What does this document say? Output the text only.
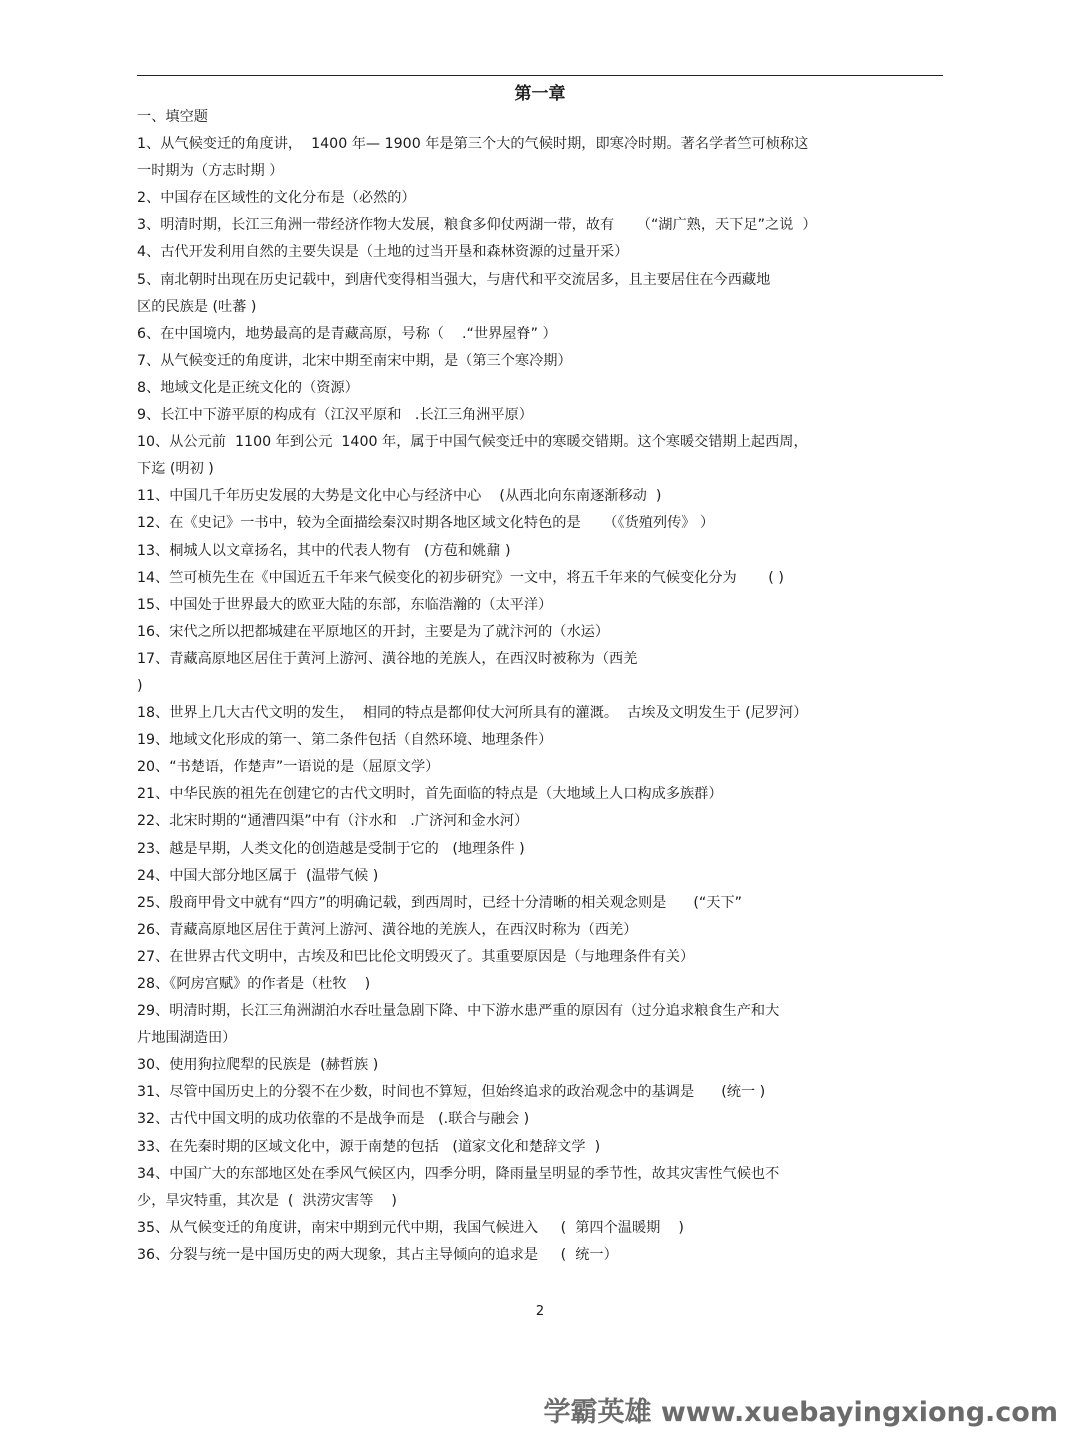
第一章
一、填空题
1、从气候变迁的角度讲，  1400 年— 1900 年是第三个大的气候时期，即寒冷时期。著名学者竺可桢称这
一时期为（方志时期 ）
2、中国存在区域性的文化分布是（必然的）
3、明清时期，长江三角洲一带经济作物大发展，粮食多仰仗两湖一带，故有     （“湖广熟，天下足”之说  ）
4、古代开发利用自然的主要失误是（土地的过当开垦和森林资源的过量开采）
5、南北朝时出现在历史记载中，到唐代变得相当强大，与唐代和平交流居多，且主要居住在今西藏地
区的民族是 (吐蕃 )
6、在中国境内，地势最高的是青藏高原，号称（    .“世界屋脊” ）
7、从气候变迁的角度讲，北宋中期至南宋中期，是（第三个寒冷期）
8、地域文化是正统文化的（资源）
9、长江中下游平原的构成有（江汉平原和   .长江三角洲平原）
10、从公元前  1100 年到公元  1400 年，属于中国气候变迁中的寒暖交错期。这个寒暖交错期上起西周，
下迄 (明初 )
11、中国几千年历史发展的大势是文化中心与经济中心    (从西北向东南逐渐移动  )
12、在《史记》一书中，较为全面描绘秦汉时期各地区域文化特色的是     （《货殖列传》 ）
13、桐城人以文章扬名，其中的代表人物有   (方苞和姚鼐 )
14、竺可桢先生在《中国近五千年来气候变化的初步研究》一文中，将五千年来的气候变化分为       ( )
15、中国处于世界最大的欧亚大陆的东部，东临浩瀚的（太平洋）
16、宋代之所以把都城建在平原地区的开封，主要是为了就汴河的（水运）
17、青藏高原地区居住于黄河上游河、潢谷地的羌族人，在西汉时被称为（西羌
)
18、世界上几大古代文明的发生，  相同的特点是都仰仗大河所具有的灌溉。  古埃及文明发生于 (尼罗河）
19、地域文化形成的第一、第二条件包括（自然环境、地理条件）
20、“书楚语，作楚声”一语说的是（屈原文学）
21、中华民族的祖先在创建它的古代文明时，首先面临的特点是（大地域上人口构成多族群）
22、北宋时期的“通漕四渠”中有（汴水和   .广济河和金水河）
23、越是早期，人类文化的创造越是受制于它的   (地理条件 )
24、中国大部分地区属于  (温带气候 )
25、殷商甲骨文中就有“四方”的明确记载，到西周时，已经十分清晰的相关观念则是      (“天下”
26、青藏高原地区居住于黄河上游河、潢谷地的羌族人，在西汉时称为（西羌）
27、在世界古代文明中，古埃及和巴比伦文明毁灭了。其重要原因是（与地理条件有关）
28、《阿房宫赋》的作者是（杜牧    )
29、明清时期，长江三角洲湖泊水吞吐量急剧下降、中下游水患严重的原因有（过分追求粮食生产和大
片地围湖造田）
30、使用狗拉爬犁的民族是  (赫哲族 )
31、尽管中国历史上的分裂不在少数，时间也不算短，但始终追求的政治观念中的基调是      (统一 )
32、古代中国文明的成功依靠的不是战争而是   (.联合与融会 )
33、在先秦时期的区域文化中，源于南楚的包括   (道家文化和楚辞文学  )
34、中国广大的东部地区处在季风气候区内，四季分明，降雨量呈明显的季节性，故其灾害性气候也不
少，旱灾特重，其次是  (  洪涝灾害等    )
35、从气候变迁的角度讲，南宋中期到元代中期，我国气候进入     (  第四个温暖期    )
36、分裂与统一是中国历史的两大现象，其占主导倾向的追求是     (  统一）
2
学霸英雄 www.xuebayingxiong.com
